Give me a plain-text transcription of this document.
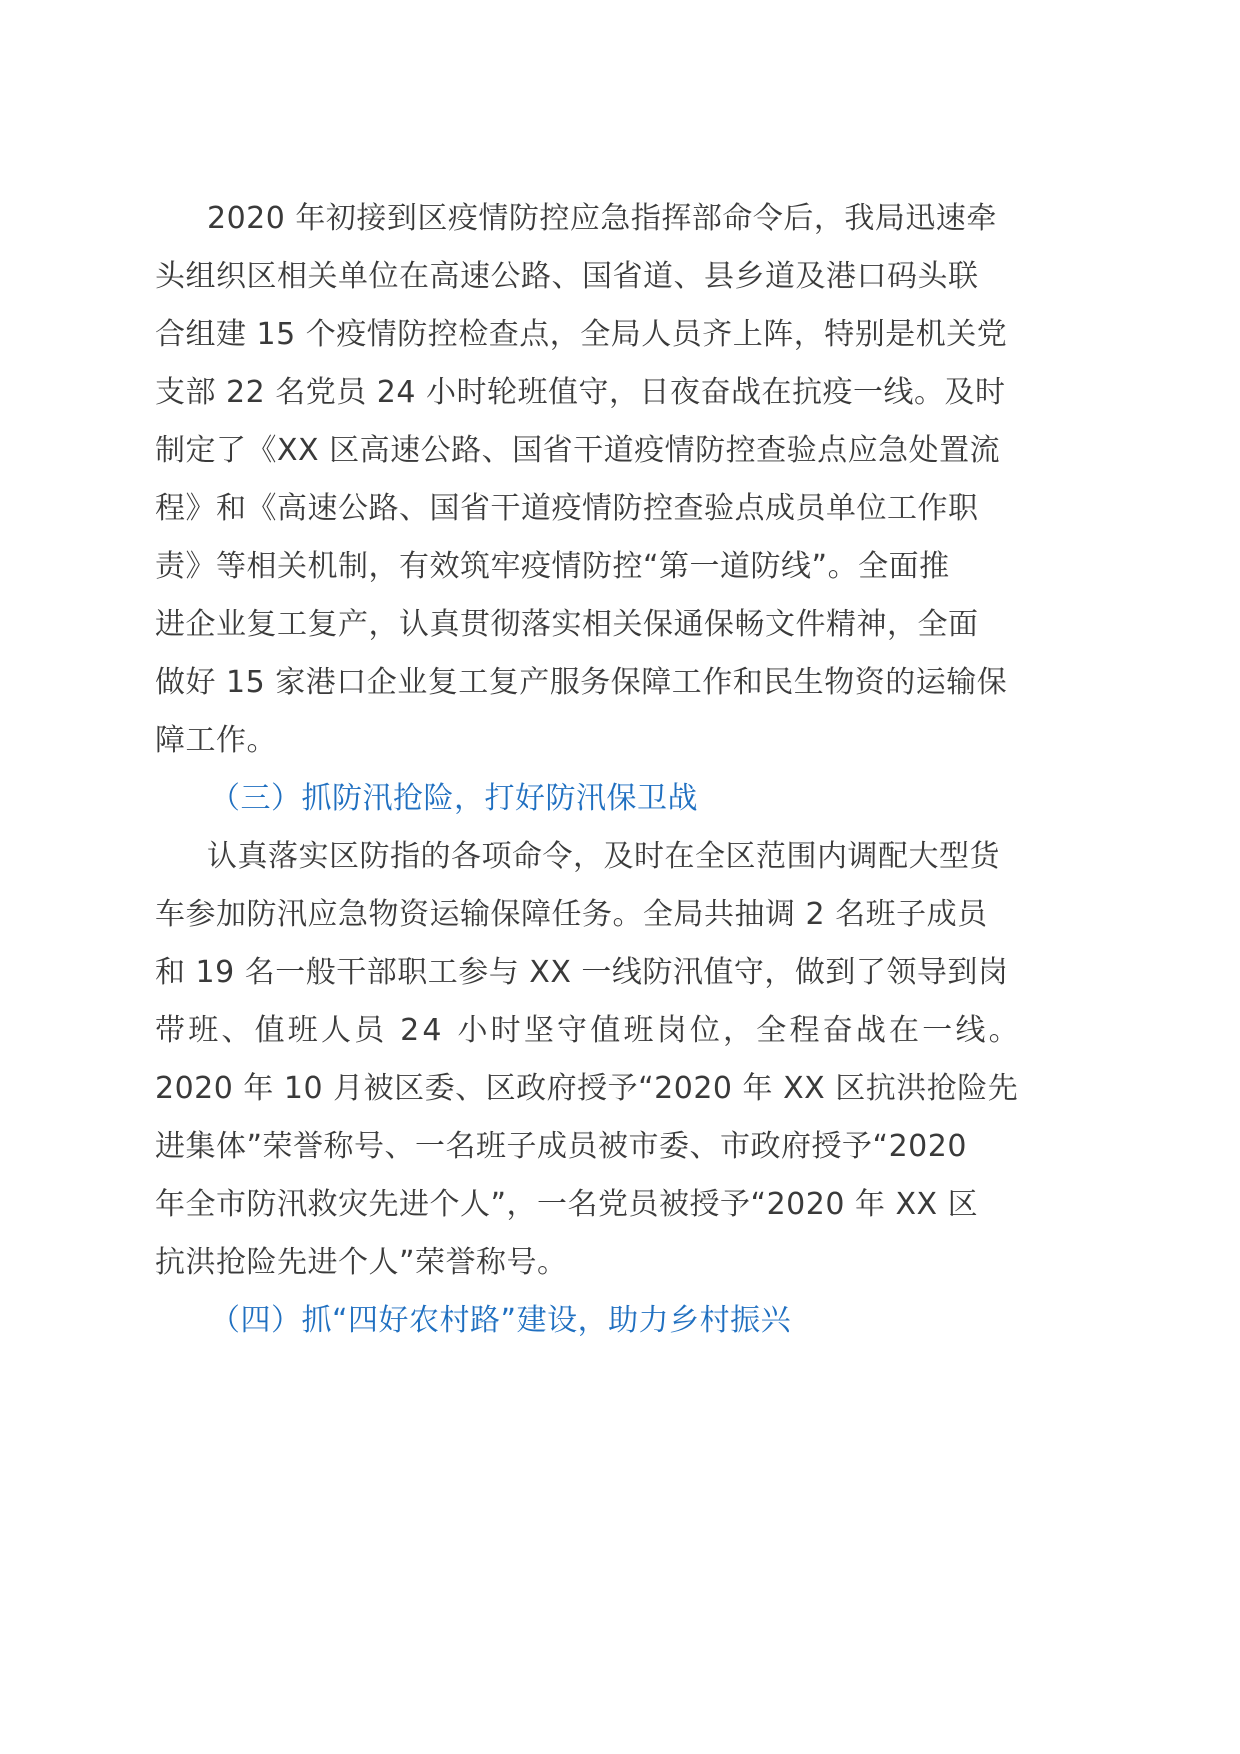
2020 年初接到区疫情防控应急指挥部命令后，我局迅速牵
头组织区相关单位在高速公路、国省道、县乡道及港口码头联
合组建 15 个疫情防控检查点，全局人员齐上阵，特别是机关党
支部 22 名党员 24 小时轮班值守，日夜奋战在抗疫一线。及时
制定了《XX 区高速公路、国省干道疫情防控查验点应急处置流
程》和《高速公路、国省干道疫情防控查验点成员单位工作职
责》等相关机制，有效筑牢疫情防控“第一道防线”。全面推
进企业复工复产，认真贯彻落实相关保通保畅文件精神，全面
做好 15 家港口企业复工复产服务保障工作和民生物资的运输保
障工作。
（三）抓防汛抢险，打好防汛保卫战
认真落实区防指的各项命令，及时在全区范围内调配大型货
车参加防汛应急物资运输保障任务。全局共抽调 2 名班子成员
和 19 名一般干部职工参与 XX 一线防汛值守，做到了领导到岗
带班、值班人员 24 小时坚守值班岗位，全程奋战在一线。
2020 年 10 月被区委、区政府授予“2020 年 XX 区抗洪抢险先
进集体”荣誉称号、一名班子成员被市委、市政府授予“2020
年全市防汛救灾先进个人”，一名党员被授予“2020 年 XX 区
抗洪抢险先进个人”荣誉称号。
（四）抓“四好农村路”建设，助力乡村振兴
